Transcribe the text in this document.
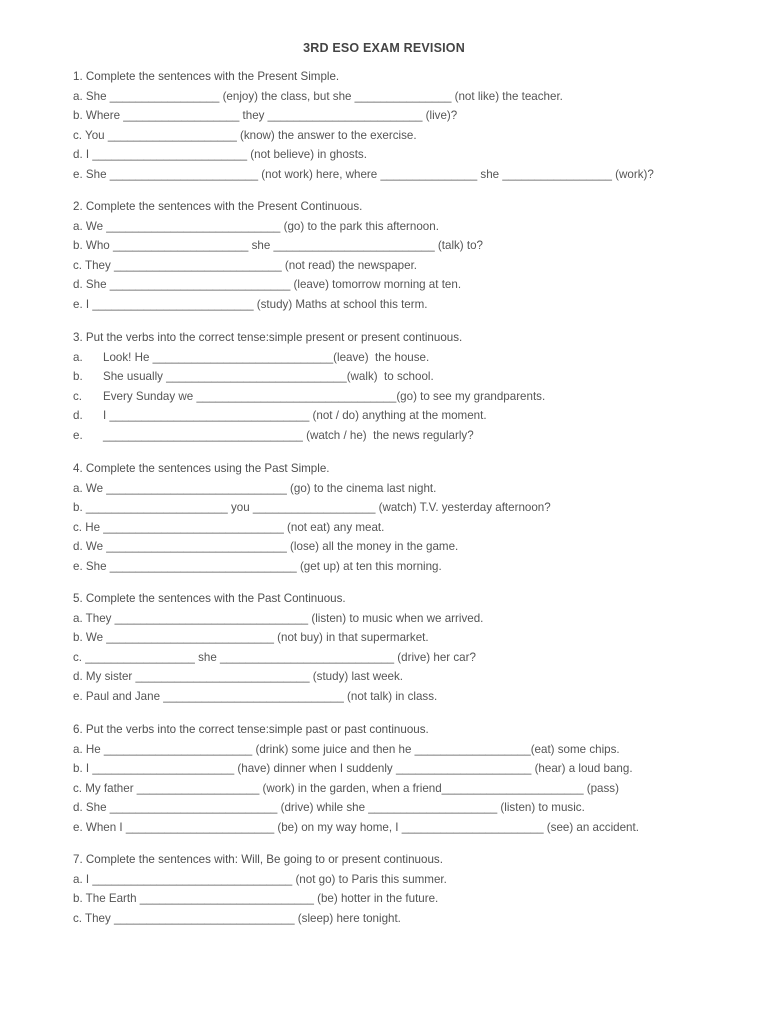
3RD ESO EXAM REVISION
1. Complete the sentences with the Present Simple.
a. She _________________ (enjoy) the class, but she _______________ (not like) the teacher.
b. Where __________________ they ________________________ (live)?
c. You ____________________ (know) the answer to the exercise.
d. I ________________________ (not believe) in ghosts.
e. She _______________________ (not work) here, where _______________ she _________________ (work)?
2. Complete the sentences with the Present Continuous.
a. We ___________________________ (go) to the park this afternoon.
b. Who _____________________ she _________________________ (talk) to?
c. They __________________________ (not read) the newspaper.
d. She ____________________________ (leave) tomorrow morning at ten.
e. I _________________________ (study) Maths at school this term.
3. Put the verbs into the correct tense:simple present or present continuous.
a. Look! He ____________________________(leave)  the house.
b. She usually ____________________________(walk)  to school.
c. Every Sunday we _______________________________(go) to see my grandparents.
d. I _______________________________ (not / do) anything at the moment.
e. _______________________________ (watch / he)  the news regularly?
4. Complete the sentences using the Past Simple.
a. We ____________________________ (go) to the cinema last night.
b. ______________________ you ___________________ (watch) T.V. yesterday afternoon?
c. He ____________________________ (not eat) any meat.
d. We ____________________________ (lose) all the money in the game.
e. She _____________________________ (get up) at ten this morning.
5. Complete the sentences with the Past Continuous.
a. They ______________________________ (listen) to music when we arrived.
b. We __________________________ (not buy) in that supermarket.
c. _________________ she ___________________________ (drive) her car?
d. My sister ___________________________ (study) last week.
e. Paul and Jane ____________________________ (not talk) in class.
6. Put the verbs into the correct tense:simple past or past continuous.
a. He _______________________ (drink) some juice and then he __________________(eat) some chips.
b. I ______________________ (have) dinner when I suddenly _____________________ (hear) a loud bang.
c. My father ___________________ (work) in the garden, when a friend______________________ (pass)
d. She __________________________ (drive) while she ____________________ (listen) to music.
e. When I _______________________ (be) on my way home, I ______________________ (see) an accident.
7. Complete the sentences with: Will, Be going to or present continuous.
a. I _______________________________ (not go) to Paris this summer.
b. The Earth ___________________________ (be) hotter in the future.
c. They ____________________________ (sleep) here tonight.
